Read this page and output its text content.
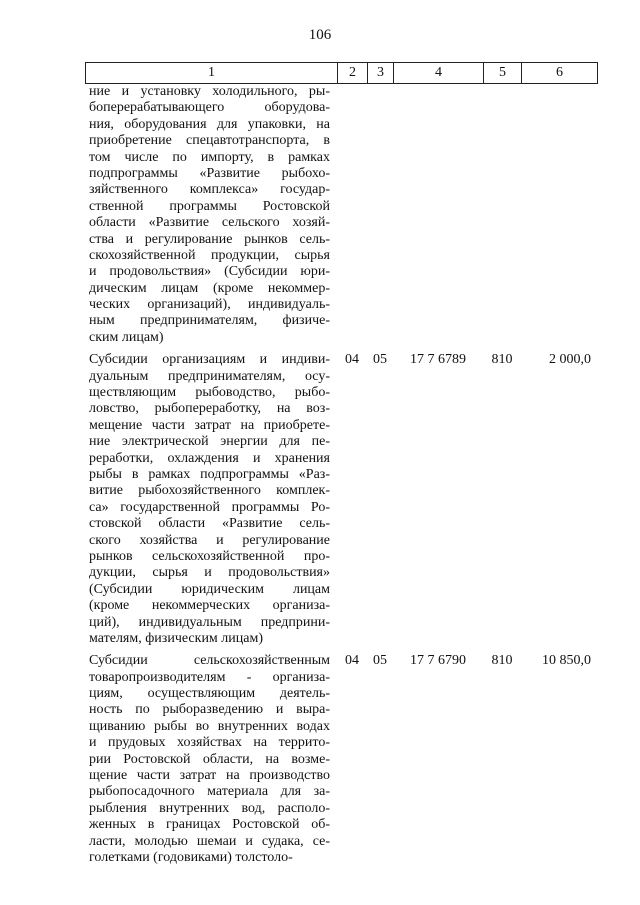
106
1	2	3	4	5	6
ние и установку холодильного, ры-
боперерабатывающего оборудова-
ния, оборудования для упаковки, на
приобретение спецавтотранспорта, в
том числе по импорту, в рамках
подпрограммы «Развитие рыбохо-
зяйственного комплекса» государ-
ственной программы Ростовской
области «Развитие сельского хозяй-
ства и регулирование рынков сель-
скохозяйственной продукции, сырья
и продовольствия» (Субсидии юри-
дическим лицам (кроме некоммер-
ческих организаций), индивидуаль-
ным предпринимателям, физиче-
ским лицам)
Субсидии организациям и индиви-
дуальным предпринимателям, осу-
ществляющим рыбоводство, рыбо-
ловство, рыбопереработку, на воз-
мещение части затрат на приобрете-
ние электрической энергии для пе-
реработки, охлаждения и хранения
рыбы в рамках подпрограммы «Раз-
витие рыбохозяйственного комплек-
са» государственной программы Ро-
стовской области «Развитие сель-
ского хозяйства и регулирование
рынков сельскохозяйственной про-
дукции, сырья и продовольствия»
(Субсидии юридическим лицам
(кроме некоммерческих организа-
ций), индивидуальным предприни-
мателям, физическим лицам)
04	05	17 7 6789	810	2 000,0
Субсидии сельскохозяйственным
товаропроизводителям - организа-
циям, осуществляющим деятель-
ность по рыборазведению и выра-
щиванию рыбы во внутренних водах
и прудовых хозяйствах на террито-
рии Ростовской области, на возме-
щение части затрат на производство
рыбопосадочного материала для за-
рыбления внутренних вод, располо-
женных в границах Ростовской об-
ласти, молодью шемаи и судака, се-
голетками (годовиками) толстоло-
04	05	17 7 6790	810	10 850,0
